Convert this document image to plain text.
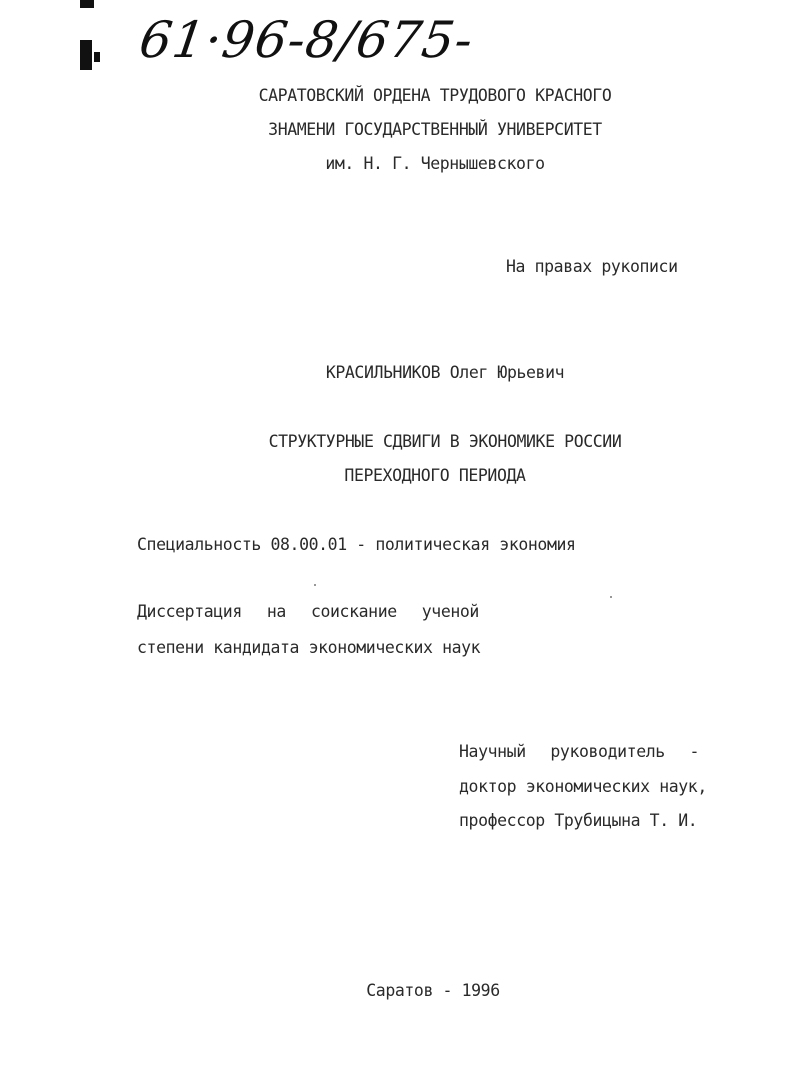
61·96-8/675-
САРАТОВСКИЙ ОРДЕНА ТРУДОВОГО КРАСНОГО
ЗНАМЕНИ ГОСУДАРСТВЕННЫЙ УНИВЕРСИТЕТ
им. Н. Г. Чернышевского
На правах рукописи
КРАСИЛЬНИКОВ Олег Юрьевич
СТРУКТУРНЫЕ СДВИГИ В ЭКОНОМИКЕ РОССИИ
ПЕРЕХОДНОГО ПЕРИОДА
Специальность 08.00.01 - политическая экономия
Диссертация на соискание ученой
степени кандидата экономических наук
Научный руководитель -
доктор экономических наук,
профессор Трубицына Т. И.
Саратов - 1996
